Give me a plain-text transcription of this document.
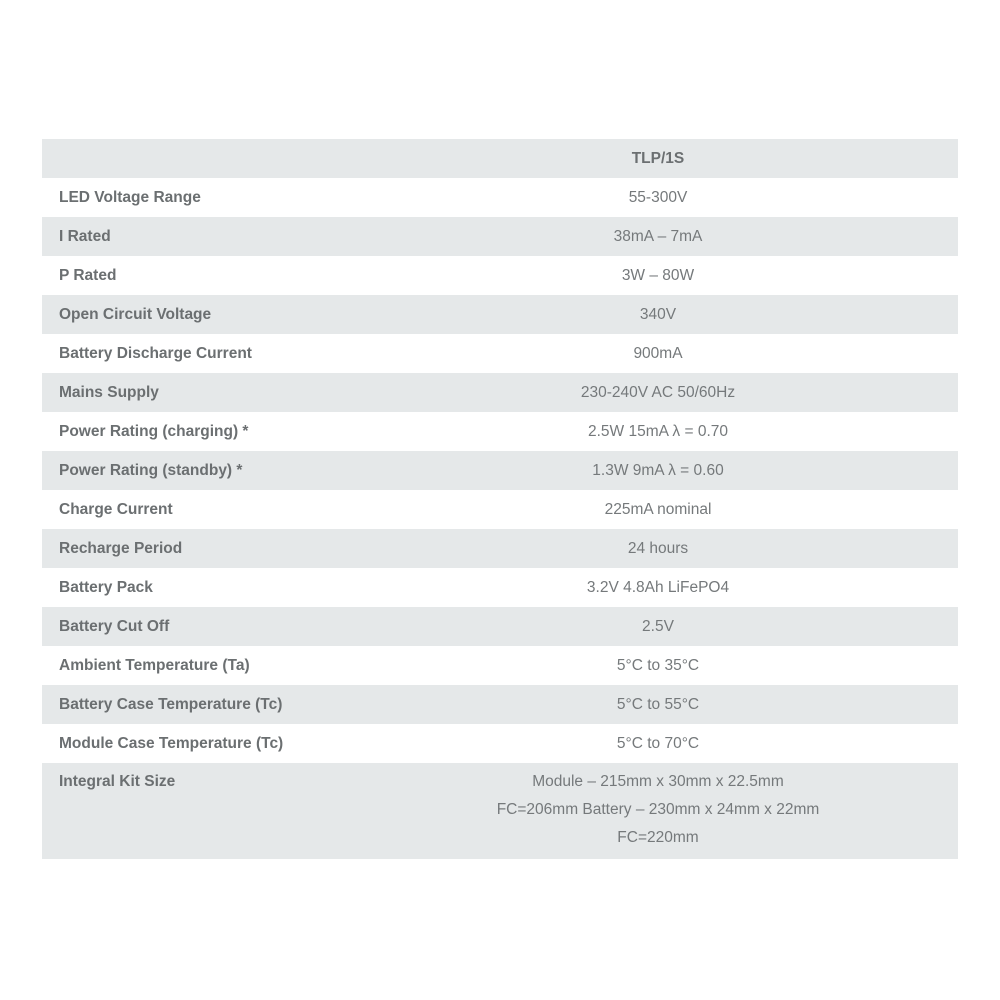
	TLP/1S
LED Voltage Range	55-300V
I Rated	38mA – 7mA
P Rated	3W – 80W
Open Circuit Voltage	340V
Battery Discharge Current	900mA
Mains Supply	230-240V AC 50/60Hz
Power Rating (charging) *	2.5W 15mA λ = 0.70
Power Rating (standby) *	1.3W 9mA λ = 0.60
Charge Current	225mA nominal
Recharge Period	24 hours
Battery Pack	3.2V 4.8Ah LiFePO4
Battery Cut Off	2.5V
Ambient Temperature (Ta)	5°C to 35°C
Battery Case Temperature (Tc)	5°C to 55°C
Module Case Temperature (Tc)	5°C to 70°C
Integral Kit Size	Module – 215mm x 30mm x 22.5mm FC=206mm Battery – 230mm x 24mm x 22mm FC=220mm
